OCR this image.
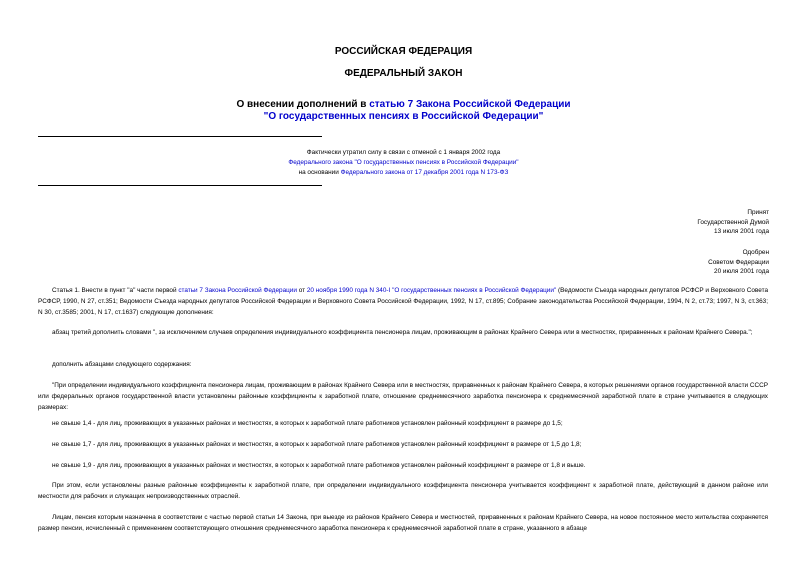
РОССИЙСКАЯ ФЕДЕРАЦИЯ
ФЕДЕРАЛЬНЫЙ ЗАКОН
О внесении дополнений в статью 7 Закона Российской Федерации
"О государственных пенсиях в Российской Федерации"
Фактически утратил силу в связи с отменой с 1 января 2002 года
Федерального закона "О государственных пенсиях в Российской Федерации"
на основании Федерального закона от 17 декабря 2001 года N 173-ФЗ
Принят
Государственной Думой
13 июля 2001 года
Одобрен
Советом Федерации
20 июля 2001 года
Статья 1. Внести в пункт "а" части первой статьи 7 Закона Российской Федерации от 20 ноября 1990 года N 340-I "О государственных пенсиях в Российской Федерации" (Ведомости Съезда народных депутатов РСФСР и Верховного Совета РСФСР, 1990, N 27, ст.351; Ведомости Съезда народных депутатов Российской Федерации и Верховного Совета Российской Федерации, 1992, N 17, ст.895; Собрание законодательства Российской Федерации, 1994, N 2, ст.73; 1997, N 3, ст.363; N 30, ст.3585; 2001, N 17, ст.1637) следующие дополнения:
абзац третий дополнить словами ", за исключением случаев определения индивидуального коэффициента пенсионера лицам, проживающим в районах Крайнего Севера или в местностях, приравненных к районам Крайнего Севера.";
дополнить абзацами следующего содержания:
"При определении индивидуального коэффициента пенсионера лицам, проживающим в районах Крайнего Севера или в местностях, приравненных к районам Крайнего Севера, в которых решениями органов государственной власти СССР или федеральных органов государственной власти установлены районные коэффициенты к заработной плате, отношение среднемесячного заработка пенсионера к среднемесячной заработной плате в стране учитывается в следующих размерах:
не свыше 1,4 - для лиц, проживающих в указанных районах и местностях, в которых к заработной плате работников установлен районный коэффициент в размере до 1,5;
не свыше 1,7 - для лиц, проживающих в указанных районах и местностях, в которых к заработной плате работников установлен районный коэффициент в размере от 1,5 до 1,8;
не свыше 1,9 - для лиц, проживающих в указанных районах и местностях, в которых к заработной плате работников установлен районный коэффициент в размере от 1,8 и выше.
При этом, если установлены разные районные коэффициенты к заработной плате, при определении индивидуального коэффициента пенсионера учитывается коэффициент к заработной плате, действующий в данном районе или местности для рабочих и служащих непроизводственных отраслей.
Лицам, пенсия которым назначена в соответствии с частью первой статьи 14 Закона, при выезде из районов Крайнего Севера и местностей, приравненных к районам Крайнего Севера, на новое постоянное место жительства сохраняется размер пенсии, исчисленный с применением соответствующего отношения среднемесячного заработка пенсионера к среднемесячной заработной плате в стране, указанного в абзаце
